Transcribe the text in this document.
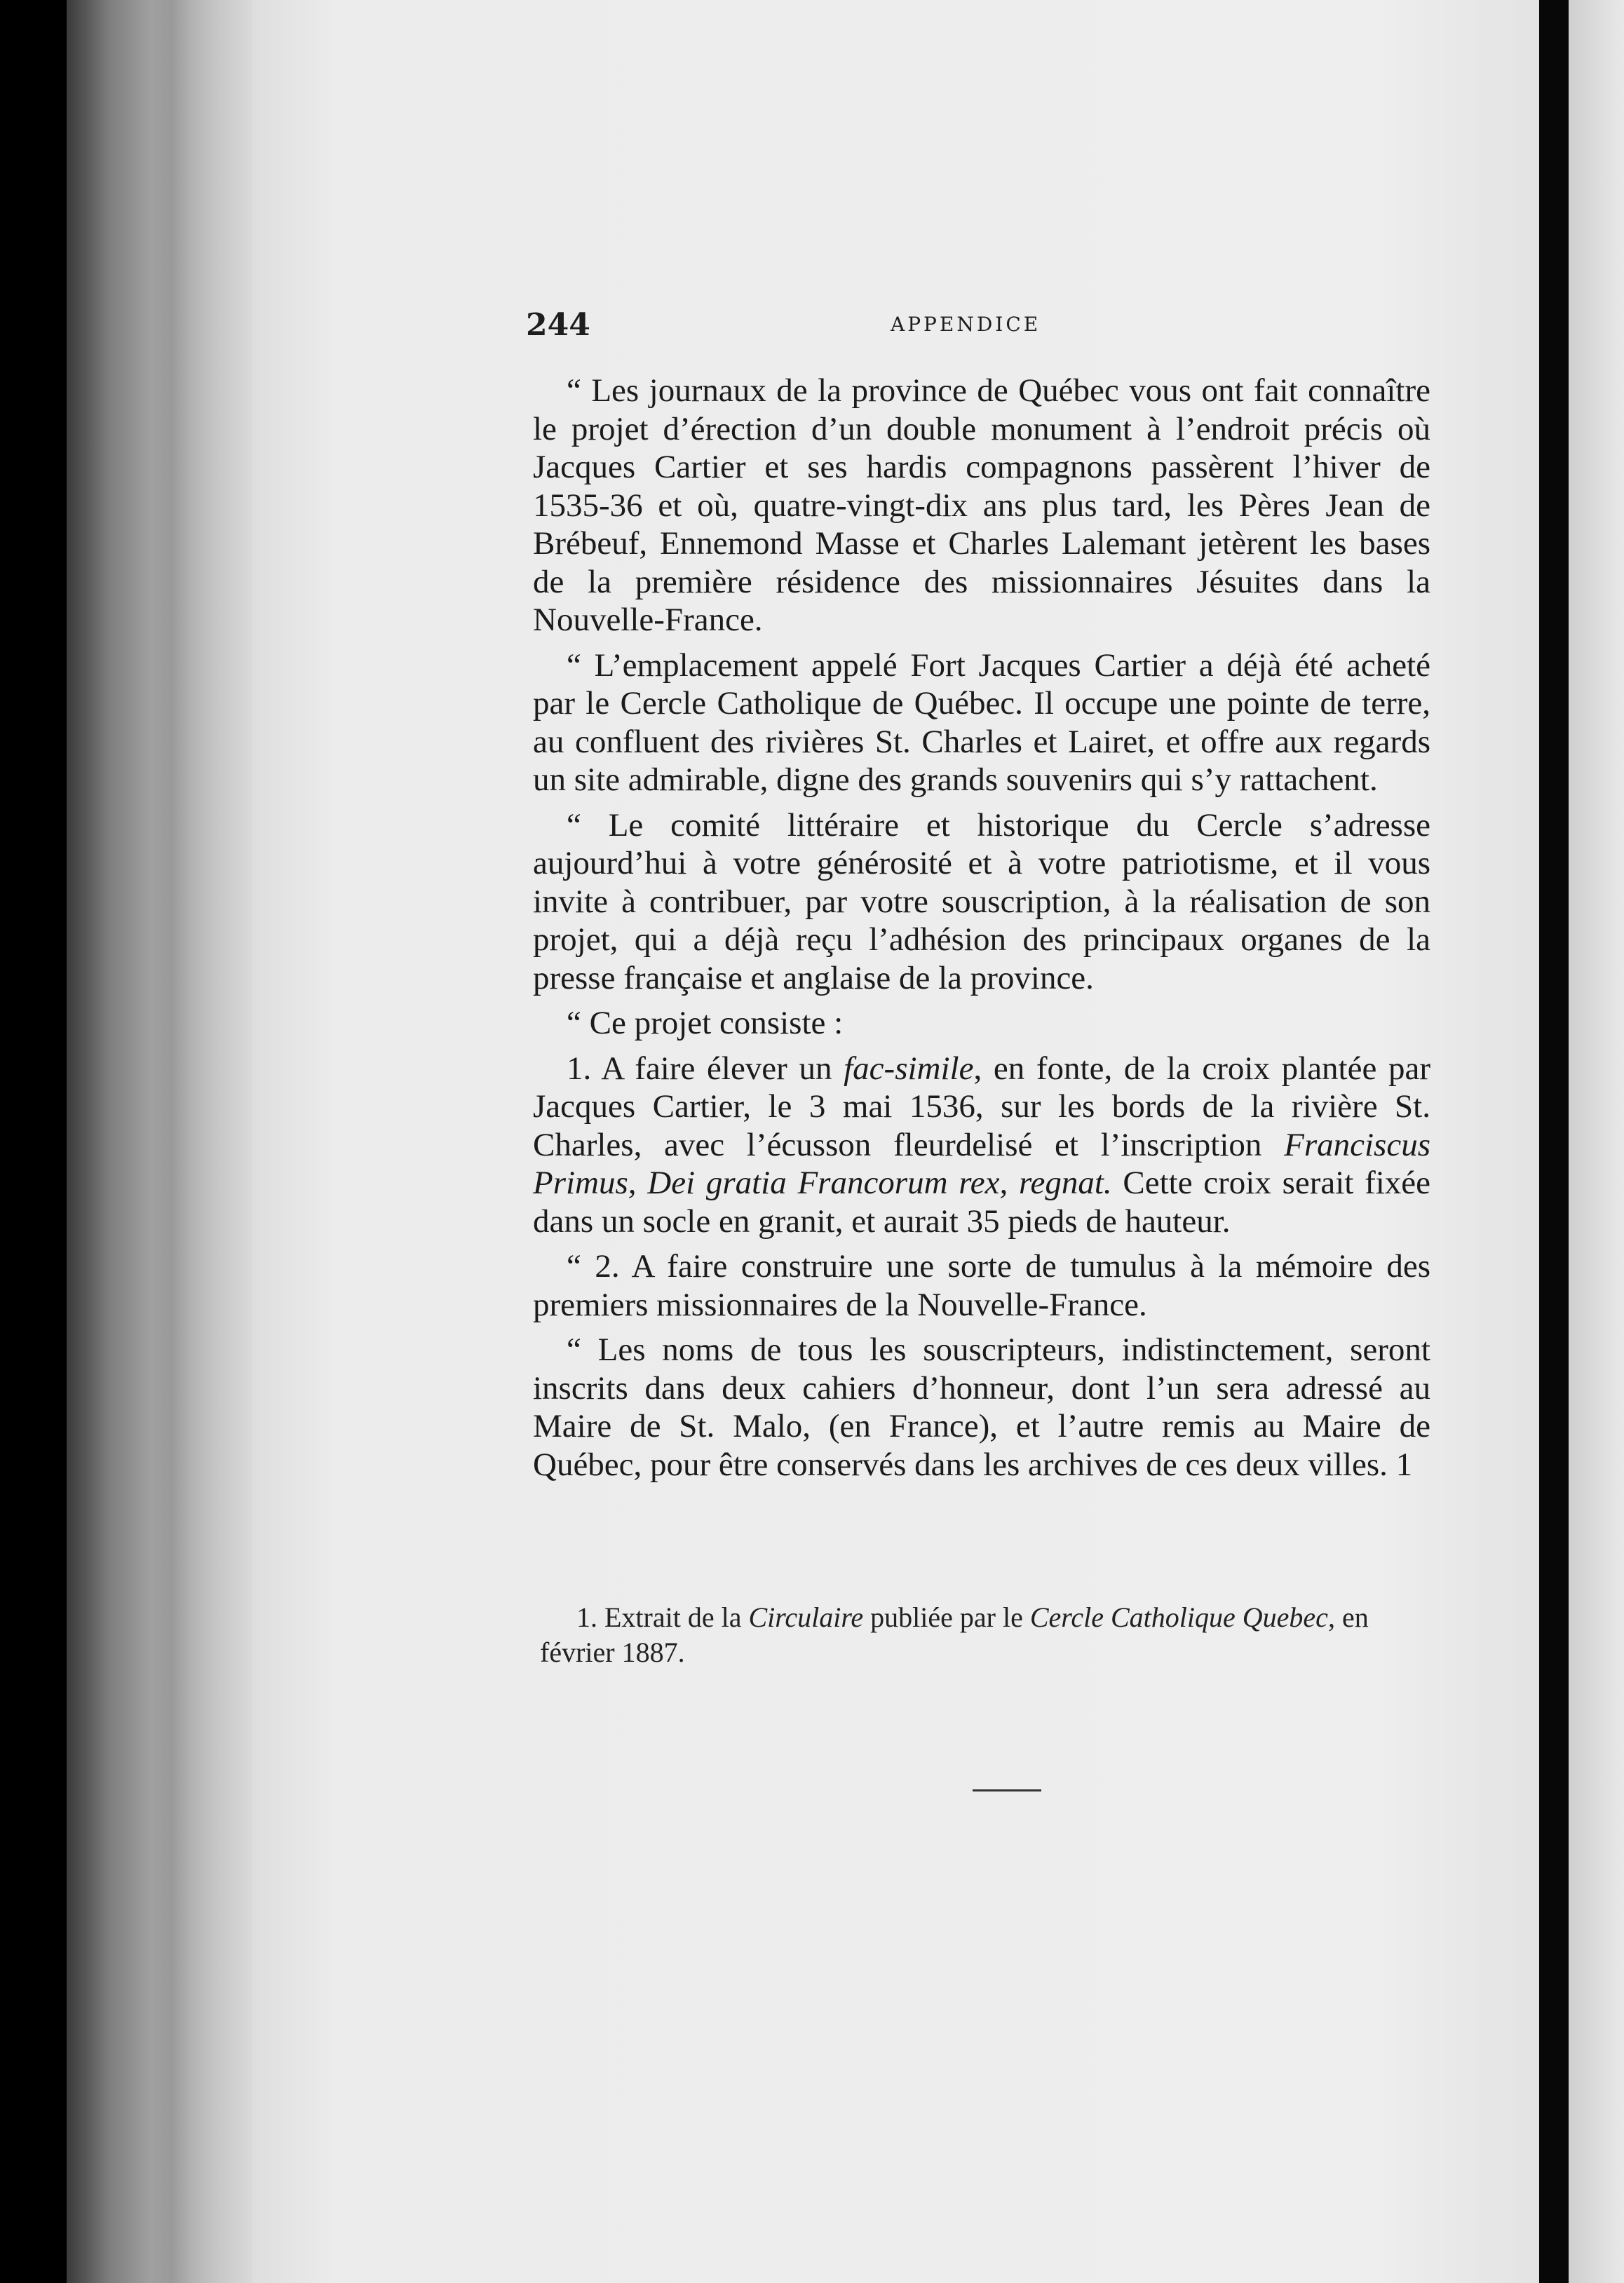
244	APPENDICE

“ Les journaux de la province de Québec vous ont fait connaître le projet d’érection d’un double monument à l’endroit précis où Jacques Cartier et ses hardis compagnons passèrent l’hiver de 1535-36 et où, quatre-vingt-dix ans plus tard, les Pères Jean de Brébeuf, Ennemond Masse et Charles Lalemant jetèrent les bases de la première résidence des missionnaires Jésuites dans la Nouvelle-France.

“ L’emplacement appelé Fort Jacques Cartier a déjà été acheté par le Cercle Catholique de Québec. Il occupe une pointe de terre, au confluent des rivières St. Charles et Lairet, et offre aux regards un site admirable, digne des grands souvenirs qui s’y rattachent.

“ Le comité littéraire et historique du Cercle s’adresse aujourd’hui à votre générosité et à votre patriotisme, et il vous invite à contribuer, par votre souscription, à la réalisation de son projet, qui a déjà reçu l’adhésion des principaux organes de la presse française et anglaise de la province.

“ Ce projet consiste :

1. A faire élever un fac-simile, en fonte, de la croix plantée par Jacques Cartier, le 3 mai 1536, sur les bords de la rivière St. Charles, avec l’écusson fleurdelisé et l’inscription Franciscus Primus, Dei gratia Francorum rex, regnat. Cette croix serait fixée dans un socle en granit, et aurait 35 pieds de hauteur.

“ 2. A faire construire une sorte de tumulus à la mémoire des premiers missionnaires de la Nouvelle-France.

“ Les noms de tous les souscripteurs, indistinctement, seront inscrits dans deux cahiers d’honneur, dont l’un sera adressé au Maire de St. Malo, (en France), et l’autre remis au Maire de Québec, pour être conservés dans les archives de ces deux villes. 1

1. Extrait de la Circulaire publiée par le Cercle Catholique Quebec, en février 1887.
